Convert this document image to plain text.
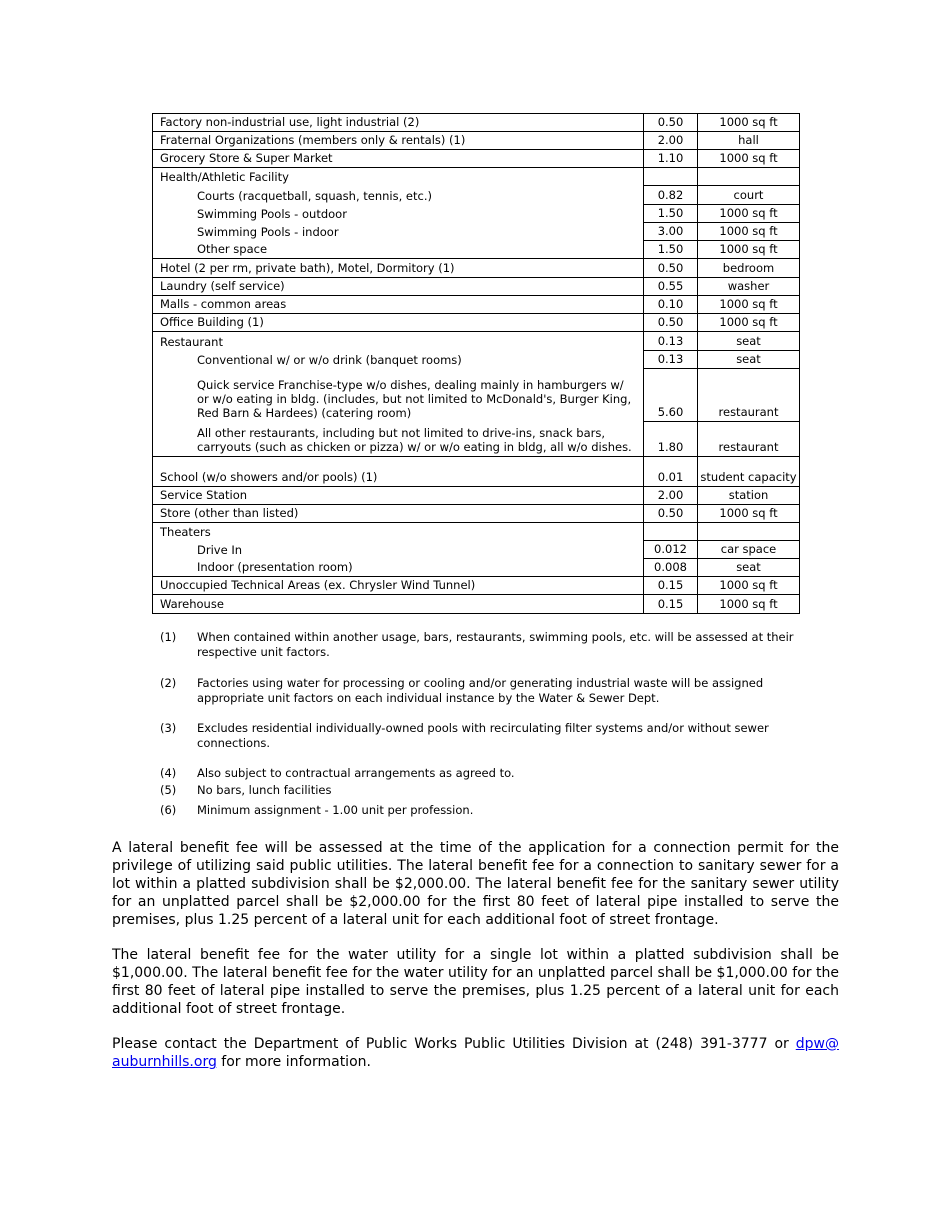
Factory non-industrial use, light industrial (2)	0.50	1000 sq ft
Fraternal Organizations (members only & rentals) (1)	2.00	hall
Grocery Store & Super Market	1.10	1000 sq ft
Health/Athletic Facility		
Courts (racquetball, squash, tennis, etc.)	0.82	court
Swimming Pools - outdoor	1.50	1000 sq ft
Swimming Pools - indoor	3.00	1000 sq ft
Other space	1.50	1000 sq ft
Hotel (2 per rm, private bath), Motel, Dormitory (1)	0.50	bedroom
Laundry (self service)	0.55	washer
Malls - common areas	0.10	1000 sq ft
Office Building (1)	0.50	1000 sq ft
Restaurant	0.13	seat
Conventional w/ or w/o drink (banquet rooms)	0.13	seat
Quick service Franchise-type w/o dishes, dealing mainly in hamburgers w/ or w/o eating in bldg. (includes, but not limited to McDonald's, Burger King, Red Barn & Hardees) (catering room)	5.60	restaurant
All other restaurants, including but not limited to drive-ins, snack bars, carryouts (such as chicken or pizza) w/ or w/o eating in bldg, all w/o dishes.	1.80	restaurant
School (w/o showers and/or pools) (1)	0.01	student capacity
Service Station	2.00	station
Store (other than listed)	0.50	1000 sq ft
Theaters		
Drive In	0.012	car space
Indoor (presentation room)	0.008	seat
Unoccupied Technical Areas (ex. Chrysler Wind Tunnel)	0.15	1000 sq ft
Warehouse	0.15	1000 sq ft
(1)	When contained within another usage, bars, restaurants, swimming pools, etc. will be assessed at their respective unit factors.
(2)	Factories using water for processing or cooling and/or generating industrial waste will be assigned appropriate unit factors on each individual instance by the Water & Sewer Dept.
(3)	Excludes residential individually-owned pools with recirculating filter systems and/or without sewer connections.
(4)	Also subject to contractual arrangements as agreed to.
(5)	No bars, lunch facilities
(6)	Minimum assignment - 1.00 unit per profession.

A lateral benefit fee will be assessed at the time of the application for a connection permit for the privilege of utilizing said public utilities. The lateral benefit fee for a connection to sanitary sewer for a lot within a platted subdivision shall be $2,000.00. The lateral benefit fee for the sanitary sewer utility for an unplatted parcel shall be $2,000.00 for the first 80 feet of lateral pipe installed to serve the premises, plus 1.25 percent of a lateral unit for each additional foot of street frontage.

The lateral benefit fee for the water utility for a single lot within a platted subdivision shall be $1,000.00. The lateral benefit fee for the water utility for an unplatted parcel shall be $1,000.00 for the first 80 feet of lateral pipe installed to serve the premises, plus 1.25 percent of a lateral unit for each additional foot of street frontage.

Please contact the Department of Public Works Public Utilities Division at (248) 391-3777 or dpw@ auburnhills.org for more information.
